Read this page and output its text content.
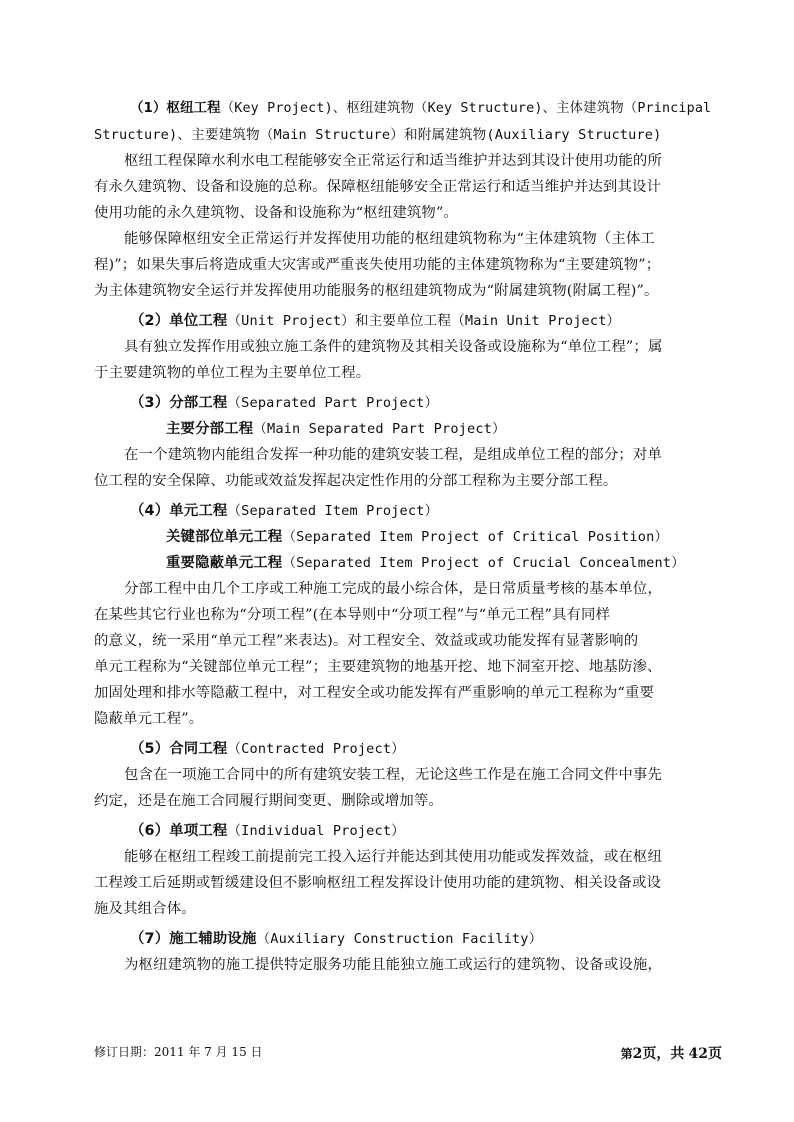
（1）枢纽工程（Key Project)、枢纽建筑物（Key Structure)、主体建筑物（Principal
Structure)、主要建筑物（Main Structure）和附属建筑物(Auxiliary Structure)
枢纽工程保障水利水电工程能够安全正常运行和适当维护并达到其设计使用功能的所
有永久建筑物、设备和设施的总称。保障枢纽能够安全正常运行和适当维护并达到其设计
使用功能的永久建筑物、设备和设施称为“枢纽建筑物”。
能够保障枢纽安全正常运行并发挥使用功能的枢纽建筑物称为“主体建筑物（主体工
程)”；如果失事后将造成重大灾害或严重丧失使用功能的主体建筑物称为“主要建筑物”；
为主体建筑物安全运行并发挥使用功能服务的枢纽建筑物成为“附属建筑物(附属工程)”。
（2）单位工程（Unit Project）和主要单位工程（Main Unit Project）
具有独立发挥作用或独立施工条件的建筑物及其相关设备或设施称为“单位工程”；属
于主要建筑物的单位工程为主要单位工程。
（3）分部工程（Separated Part Project）
主要分部工程（Main Separated Part Project）
在一个建筑物内能组合发挥一种功能的建筑安装工程，是组成单位工程的部分；对单
位工程的安全保障、功能或效益发挥起决定性作用的分部工程称为主要分部工程。
（4）单元工程（Separated Item Project）
关键部位单元工程（Separated Item Project of Critical Position）
重要隐蔽单元工程（Separated Item Project of Crucial Concealment）
分部工程中由几个工序或工种施工完成的最小综合体，是日常质量考核的基本单位，
在某些其它行业也称为“分项工程”(在本导则中“分项工程”与“单元工程”具有同样
的意义，统一采用“单元工程”来表达)。对工程安全、效益或或功能发挥有显著影响的
单元工程称为“关键部位单元工程”；主要建筑物的地基开挖、地下洞室开挖、地基防渗、
加固处理和排水等隐蔽工程中，对工程安全或功能发挥有严重影响的单元工程称为“重要
隐蔽单元工程”。
（5）合同工程（Contracted Project）
包含在一项施工合同中的所有建筑安装工程，无论这些工作是在施工合同文件中事先
约定，还是在施工合同履行期间变更、删除或增加等。
（6）单项工程（Individual Project）
能够在枢纽工程竣工前提前完工投入运行并能达到其使用功能或发挥效益，或在枢纽
工程竣工后延期或暂缓建设但不影响枢纽工程发挥设计使用功能的建筑物、相关设备或设
施及其组合体。
（7）施工辅助设施（Auxiliary Construction Facility）
为枢纽建筑物的施工提供特定服务功能且能独立施工或运行的建筑物、设备或设施，
修订日期：2011 年 7 月 15 日	第2页，共 42页
